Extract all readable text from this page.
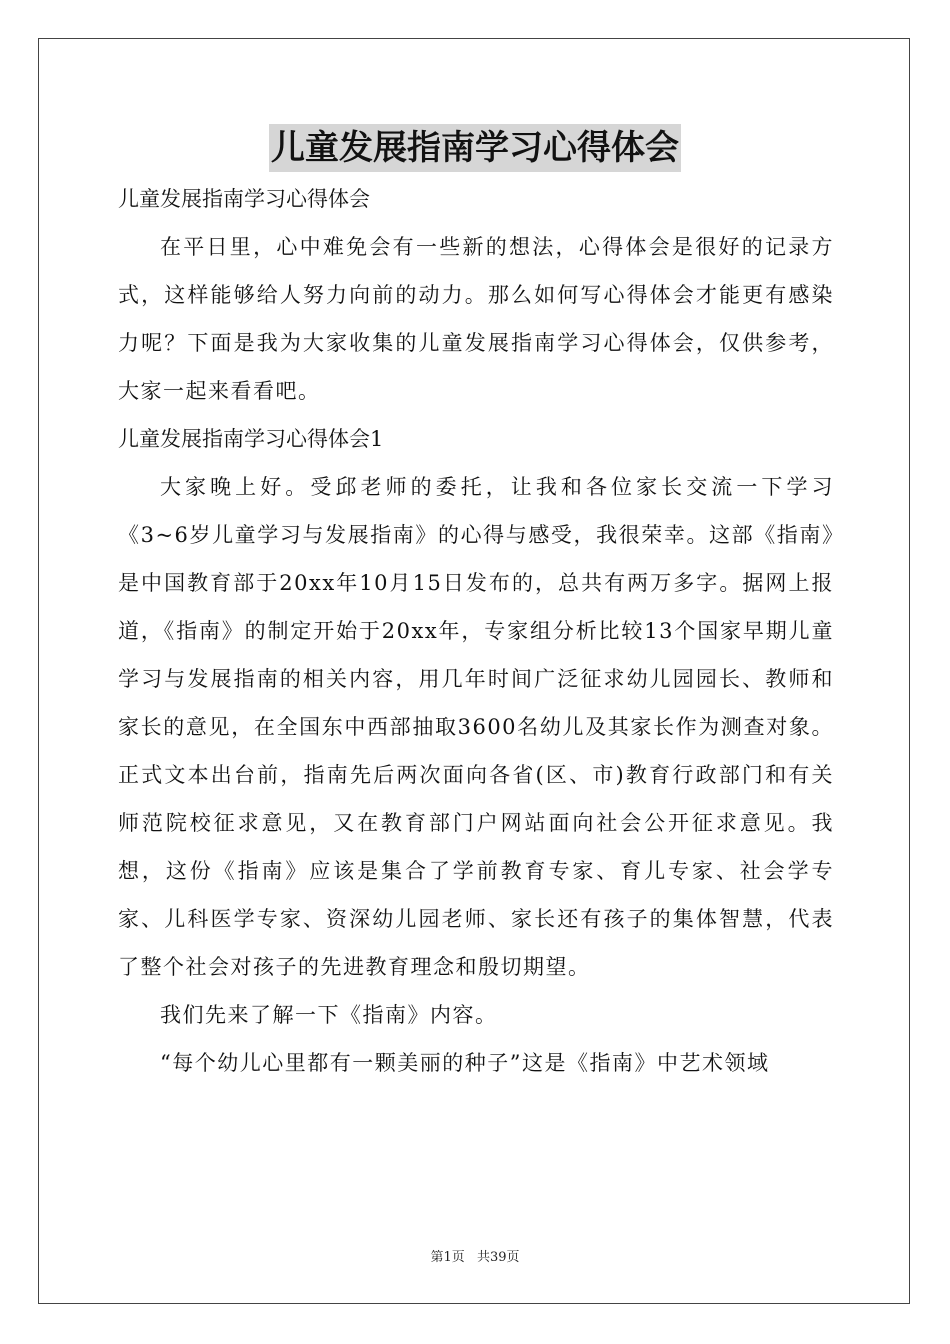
儿童发展指南学习心得体会

儿童发展指南学习心得体会

在平日里，心中难免会有一些新的想法，心得体会是很好的记录方式，这样能够给人努力向前的动力。那么如何写心得体会才能更有感染力呢？下面是我为大家收集的儿童发展指南学习心得体会，仅供参考，大家一起来看看吧。

儿童发展指南学习心得体会1

大家晚上好。受邱老师的委托，让我和各位家长交流一下学习《3~6岁儿童学习与发展指南》的心得与感受，我很荣幸。这部《指南》是中国教育部于20xx年10月15日发布的，总共有两万多字。据网上报道，《指南》的制定开始于20xx年，专家组分析比较13个国家早期儿童学习与发展指南的相关内容，用几年时间广泛征求幼儿园园长、教师和家长的意见，在全国东中西部抽取3600名幼儿及其家长作为测查对象。正式文本出台前，指南先后两次面向各省(区、市)教育行政部门和有关师范院校征求意见，又在教育部门户网站面向社会公开征求意见。我想，这份《指南》应该是集合了学前教育专家、育儿专家、社会学专家、儿科医学专家、资深幼儿园老师、家长还有孩子的集体智慧，代表了整个社会对孩子的先进教育理念和殷切期望。

我们先来了解一下《指南》内容。

“每个幼儿心里都有一颗美丽的种子”这是《指南》中艺术领域

第1页 共39页
